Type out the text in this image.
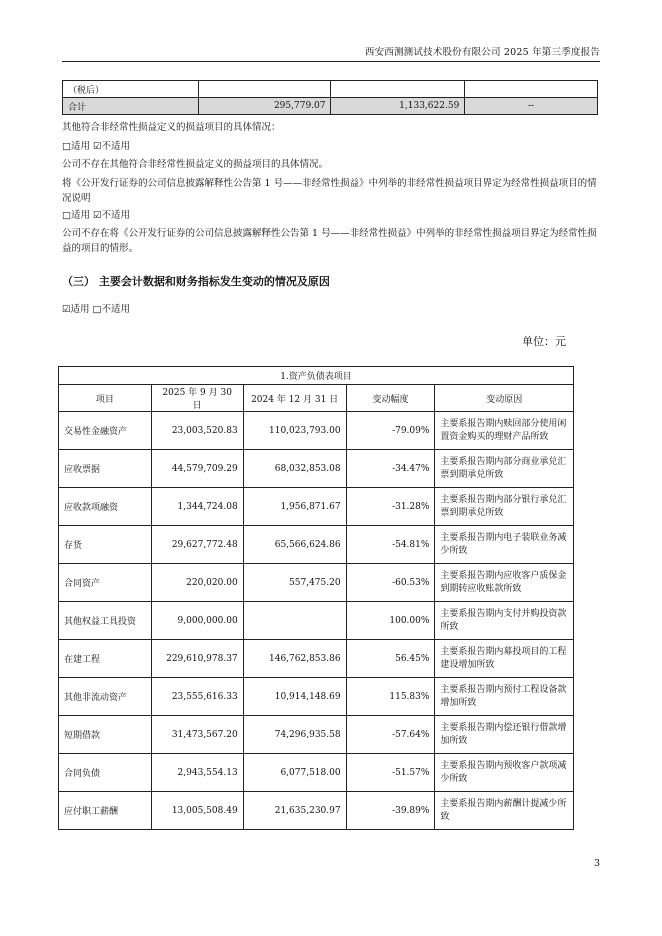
西安西测测试技术股份有限公司 2025 年第三季度报告
（税后）			
合计	295,779.07	1,133,622.59	--
其他符合非经常性损益定义的损益项目的具体情况：
□适用 ☑不适用
公司不存在其他符合非经常性损益定义的损益项目的具体情况。
将《公开发行证券的公司信息披露解释性公告第 1 号——非经常性损益》中列举的非经常性损益项目界定为经常性损益项目的情况说明
□适用 ☑不适用
公司不存在将《公开发行证券的公司信息披露解释性公告第 1 号——非经常性损益》中列举的非经常性损益项目界定为经常性损益的项目的情形。
（三） 主要会计数据和财务指标发生变动的情况及原因
☑适用 □不适用
单位：元
1.资产负债表项目				
项目	2025 年 9 月 30 日	2024 年 12 月 31 日	变动幅度	变动原因
交易性金融资产	23,003,520.83	110,023,793.00	-79.09%	主要系报告期内赎回部分使用闲置资金购买的理财产品所致
应收票据	44,579,709.29	68,032,853.08	-34.47%	主要系报告期内部分商业承兑汇票到期承兑所致
应收款项融资	1,344,724.08	1,956,871.67	-31.28%	主要系报告期内部分银行承兑汇票到期承兑所致
存货	29,627,772.48	65,566,624.86	-54.81%	主要系报告期内电子装联业务减少所致
合同资产	220,020.00	557,475.20	-60.53%	主要系报告期内应收客户质保金到期转应收账款所致
其他权益工具投资	9,000,000.00		100.00%	主要系报告期内支付并购投资款所致
在建工程	229,610,978.37	146,762,853.86	56.45%	主要系报告期内募投项目的工程建设增加所致
其他非流动资产	23,555,616.33	10,914,148.69	115.83%	主要系报告期内预付工程设备款增加所致
短期借款	31,473,567.20	74,296,935.58	-57.64%	主要系报告期内偿还银行借款增加所致
合同负债	2,943,554.13	6,077,518.00	-51.57%	主要系报告期内预收客户款项减少所致
应付职工薪酬	13,005,508.49	21,635,230.97	-39.89%	主要系报告期内薪酬计提减少所致
3
